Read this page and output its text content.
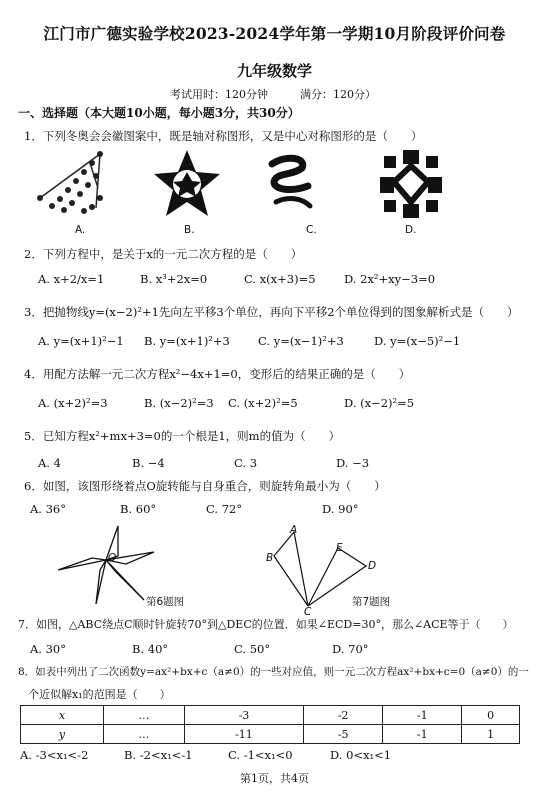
江门市广德实验学校2023-2024学年第一学期10月阶段评价问卷
九年级数学
考试用时：120分钟	满分：120分）
一、选择题（本大题10小题，每小题3分，共30分）
1．下列冬奥会会徽图案中，既是轴对称图形，又是中心对称图形的是（　　）
A.	B.	C.	D.
2．下列方程中，是关于x的一元二次方程的是（　　）
A. x+2/x=1	B. x³+2x=0	C. x(x+3)=5 D. 2x²+xy−3=0
3．把抛物线y=(x−2)²+1先向左平移3个单位，再向下平移2个单位得到的图象解析式是（　　）
A. y=(x+1)²−1 B. y=(x+1)²+3 C. y=(x−1)²+3	D. y=(x−5)²−1
4．用配方法解一元二次方程x²−4x+1=0，变形后的结果正确的是（　　）
A. (x+2)²=3	B. (x−2)²=3 C. (x+2)²=5	D. (x−2)²=5
5．已知方程x²+mx+3=0的一个根是1，则m的值为（　　）
A. 4	B. −4	C. 3	D. −3
6．如图，该图形绕着点O旋转能与自身重合，则旋转角最小为（　　）
A. 36°	B. 60°	C. 72°	D. 90°
O
第6题图
A
B
C
D
E
第7题图
7．如图，△ABC绕点C顺时针旋转70°到△DEC的位置．如果∠ECD=30°，那么∠ACE等于（　　）
A. 30°	B. 40°	C. 50°	D. 70°
8．如表中列出了二次函数y=ax²+bx+c（a≠0）的一些对应值，则一元二次方程ax²+bx+c=0（a≠0）的一
个近似解x₁的范围是（　　）
x	…	-3	-2	-1	0
y	…	-11	-5	-1	1
A. -3<x₁<-2	B. -2<x₁<-1	C. -1<x₁<0	D. 0<x₁<1
第1页，共4页
